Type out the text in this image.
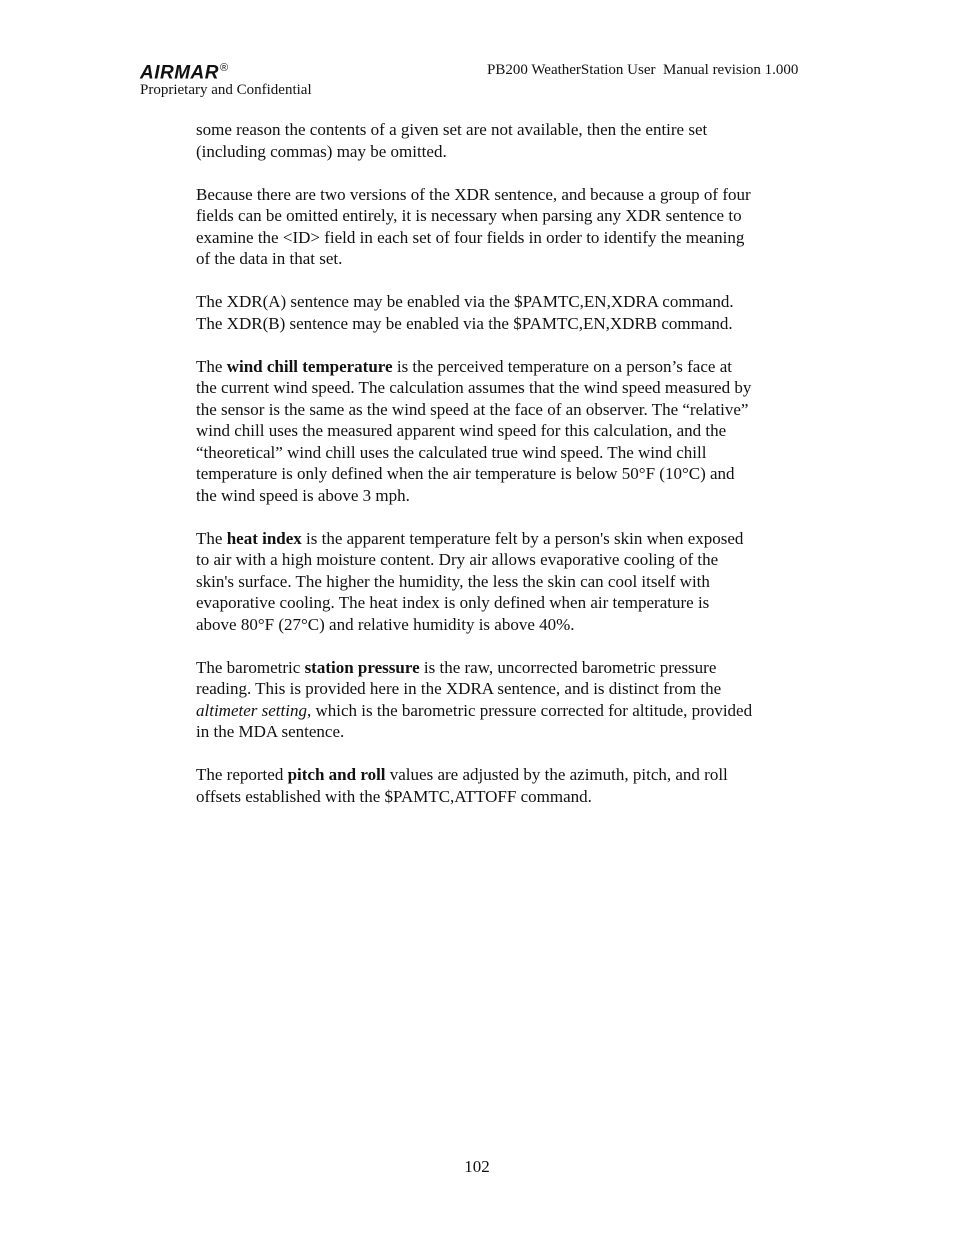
AIRMAR®	PB200 WeatherStation User  Manual revision 1.000
Proprietary and Confidential

some reason the contents of a given set are not available, then the entire set
(including commas) may be omitted.

Because there are two versions of the XDR sentence, and because a group of four
fields can be omitted entirely, it is necessary when parsing any XDR sentence to
examine the <ID> field in each set of four fields in order to identify the meaning
of the data in that set.

The XDR(A) sentence may be enabled via the $PAMTC,EN,XDRA command.
The XDR(B) sentence may be enabled via the $PAMTC,EN,XDRB command.

The wind chill temperature is the perceived temperature on a person’s face at
the current wind speed. The calculation assumes that the wind speed measured by
the sensor is the same as the wind speed at the face of an observer. The “relative”
wind chill uses the measured apparent wind speed for this calculation, and the
“theoretical” wind chill uses the calculated true wind speed. The wind chill
temperature is only defined when the air temperature is below 50°F (10°C) and
the wind speed is above 3 mph.

The heat index is the apparent temperature felt by a person's skin when exposed
to air with a high moisture content. Dry air allows evaporative cooling of the
skin's surface. The higher the humidity, the less the skin can cool itself with
evaporative cooling. The heat index is only defined when air temperature is
above 80°F (27°C) and relative humidity is above 40%.

The barometric station pressure is the raw, uncorrected barometric pressure
reading. This is provided here in the XDRA sentence, and is distinct from the
altimeter setting, which is the barometric pressure corrected for altitude, provided
in the MDA sentence.

The reported pitch and roll values are adjusted by the azimuth, pitch, and roll
offsets established with the $PAMTC,ATTOFF command.

102
